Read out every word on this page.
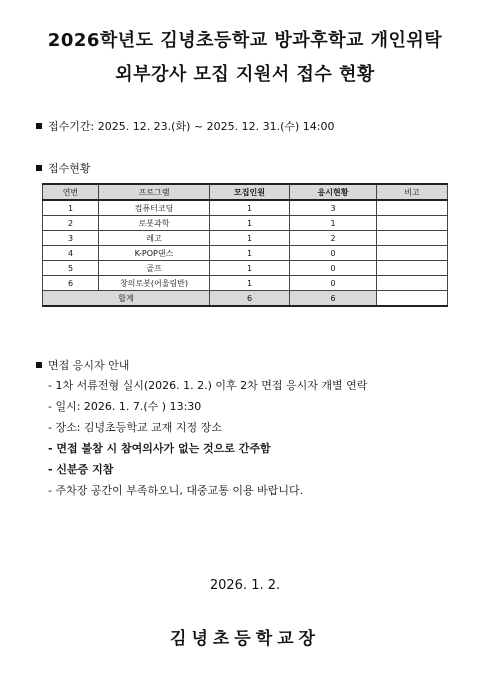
2026학년도 김녕초등학교 방과후학교 개인위탁
외부강사 모집 지원서 접수 현황
접수기간: 2025. 12. 23.(화) ~ 2025. 12. 31.(수) 14:00
접수현황
연번	프로그램	모집인원	응시현황	비고
1	컴퓨터코딩	1	3	
2	로봇과학	1	1	
3	레고	1	2	
4	K-POP댄스	1	0	
5	골프	1	0	
6	창의로봇(어울림반)	1	0	
합계		6	6	
면접 응시자 안내
- 1차 서류전형 실시(2026. 1. 2.) 이후 2차 면접 응시자 개별 연락
- 일시: 2026. 1. 7.(수 ) 13:30
- 장소: 김녕초등학교 교재 지정 장소
- 면접 불참 시 참여의사가 없는 것으로 간주함
- 신분증 지참
- 주차장 공간이 부족하오니, 대중교통 이용 바랍니다.
2026. 1. 2.
김녕초등학교장
